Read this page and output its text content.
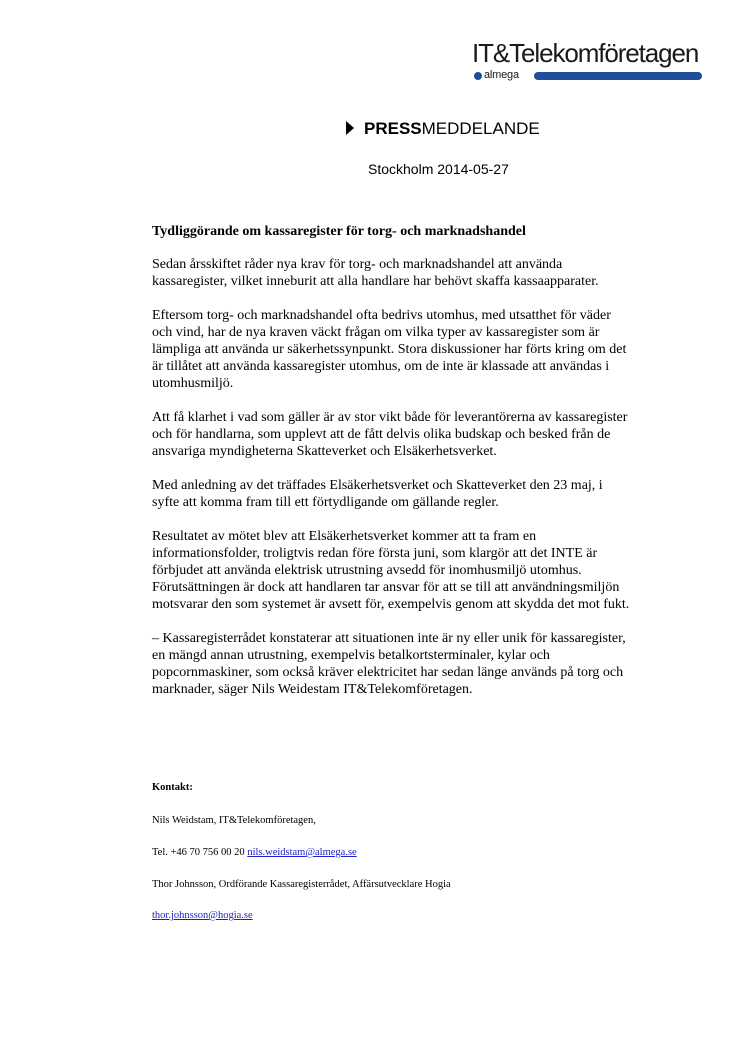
IT&Telekomföretagen
almega
PRESSMEDDELANDE
Stockholm 2014-05-27
Tydliggörande om kassaregister för torg- och marknadshandel

Sedan årsskiftet råder nya krav för torg- och marknadshandel att använda kassaregister, vilket inneburit att alla handlare har behövt skaffa kassaapparater.

Eftersom torg- och marknadshandel ofta bedrivs utomhus, med utsatthet för väder och vind, har de nya kraven väckt frågan om vilka typer av kassaregister som är lämpliga att använda ur säkerhetssynpunkt. Stora diskussioner har förts kring om det är tillåtet att använda kassaregister utomhus, om de inte är klassade att användas i utomhusmiljö.

Att få klarhet i vad som gäller är av stor vikt både för leverantörerna av kassaregister och för handlarna, som upplevt att de fått delvis olika budskap och besked från de ansvariga myndigheterna Skatteverket och Elsäkerhetsverket.

Med anledning av det träffades Elsäkerhetsverket och Skatteverket den 23 maj, i syfte att komma fram till ett förtydligande om gällande regler.

Resultatet av mötet blev att Elsäkerhetsverket kommer att ta fram en informationsfolder, troligtvis redan före första juni, som klargör att det INTE är förbjudet att använda elektrisk utrustning avsedd för inomhusmiljö utomhus. Förutsättningen är dock att handlaren tar ansvar för att se till att användningsmiljön motsvarar den som systemet är avsett för, exempelvis genom att skydda det mot fukt.

– Kassaregisterrådet konstaterar att situationen inte är ny eller unik för kassaregister, en mängd annan utrustning, exempelvis betalkortsterminaler, kylar och popcornmaskiner, som också kräver elektricitet har sedan länge används på torg och marknader, säger Nils Weidestam IT&Telekomföretagen.

Kontakt:
Nils Weidstam, IT&Telekomföretagen,
Tel. +46 70 756 00 20 nils.weidstam@almega.se
Thor Johnsson, Ordförande Kassaregisterrådet, Affärsutvecklare Hogia
thor.johnsson@hogia.se
